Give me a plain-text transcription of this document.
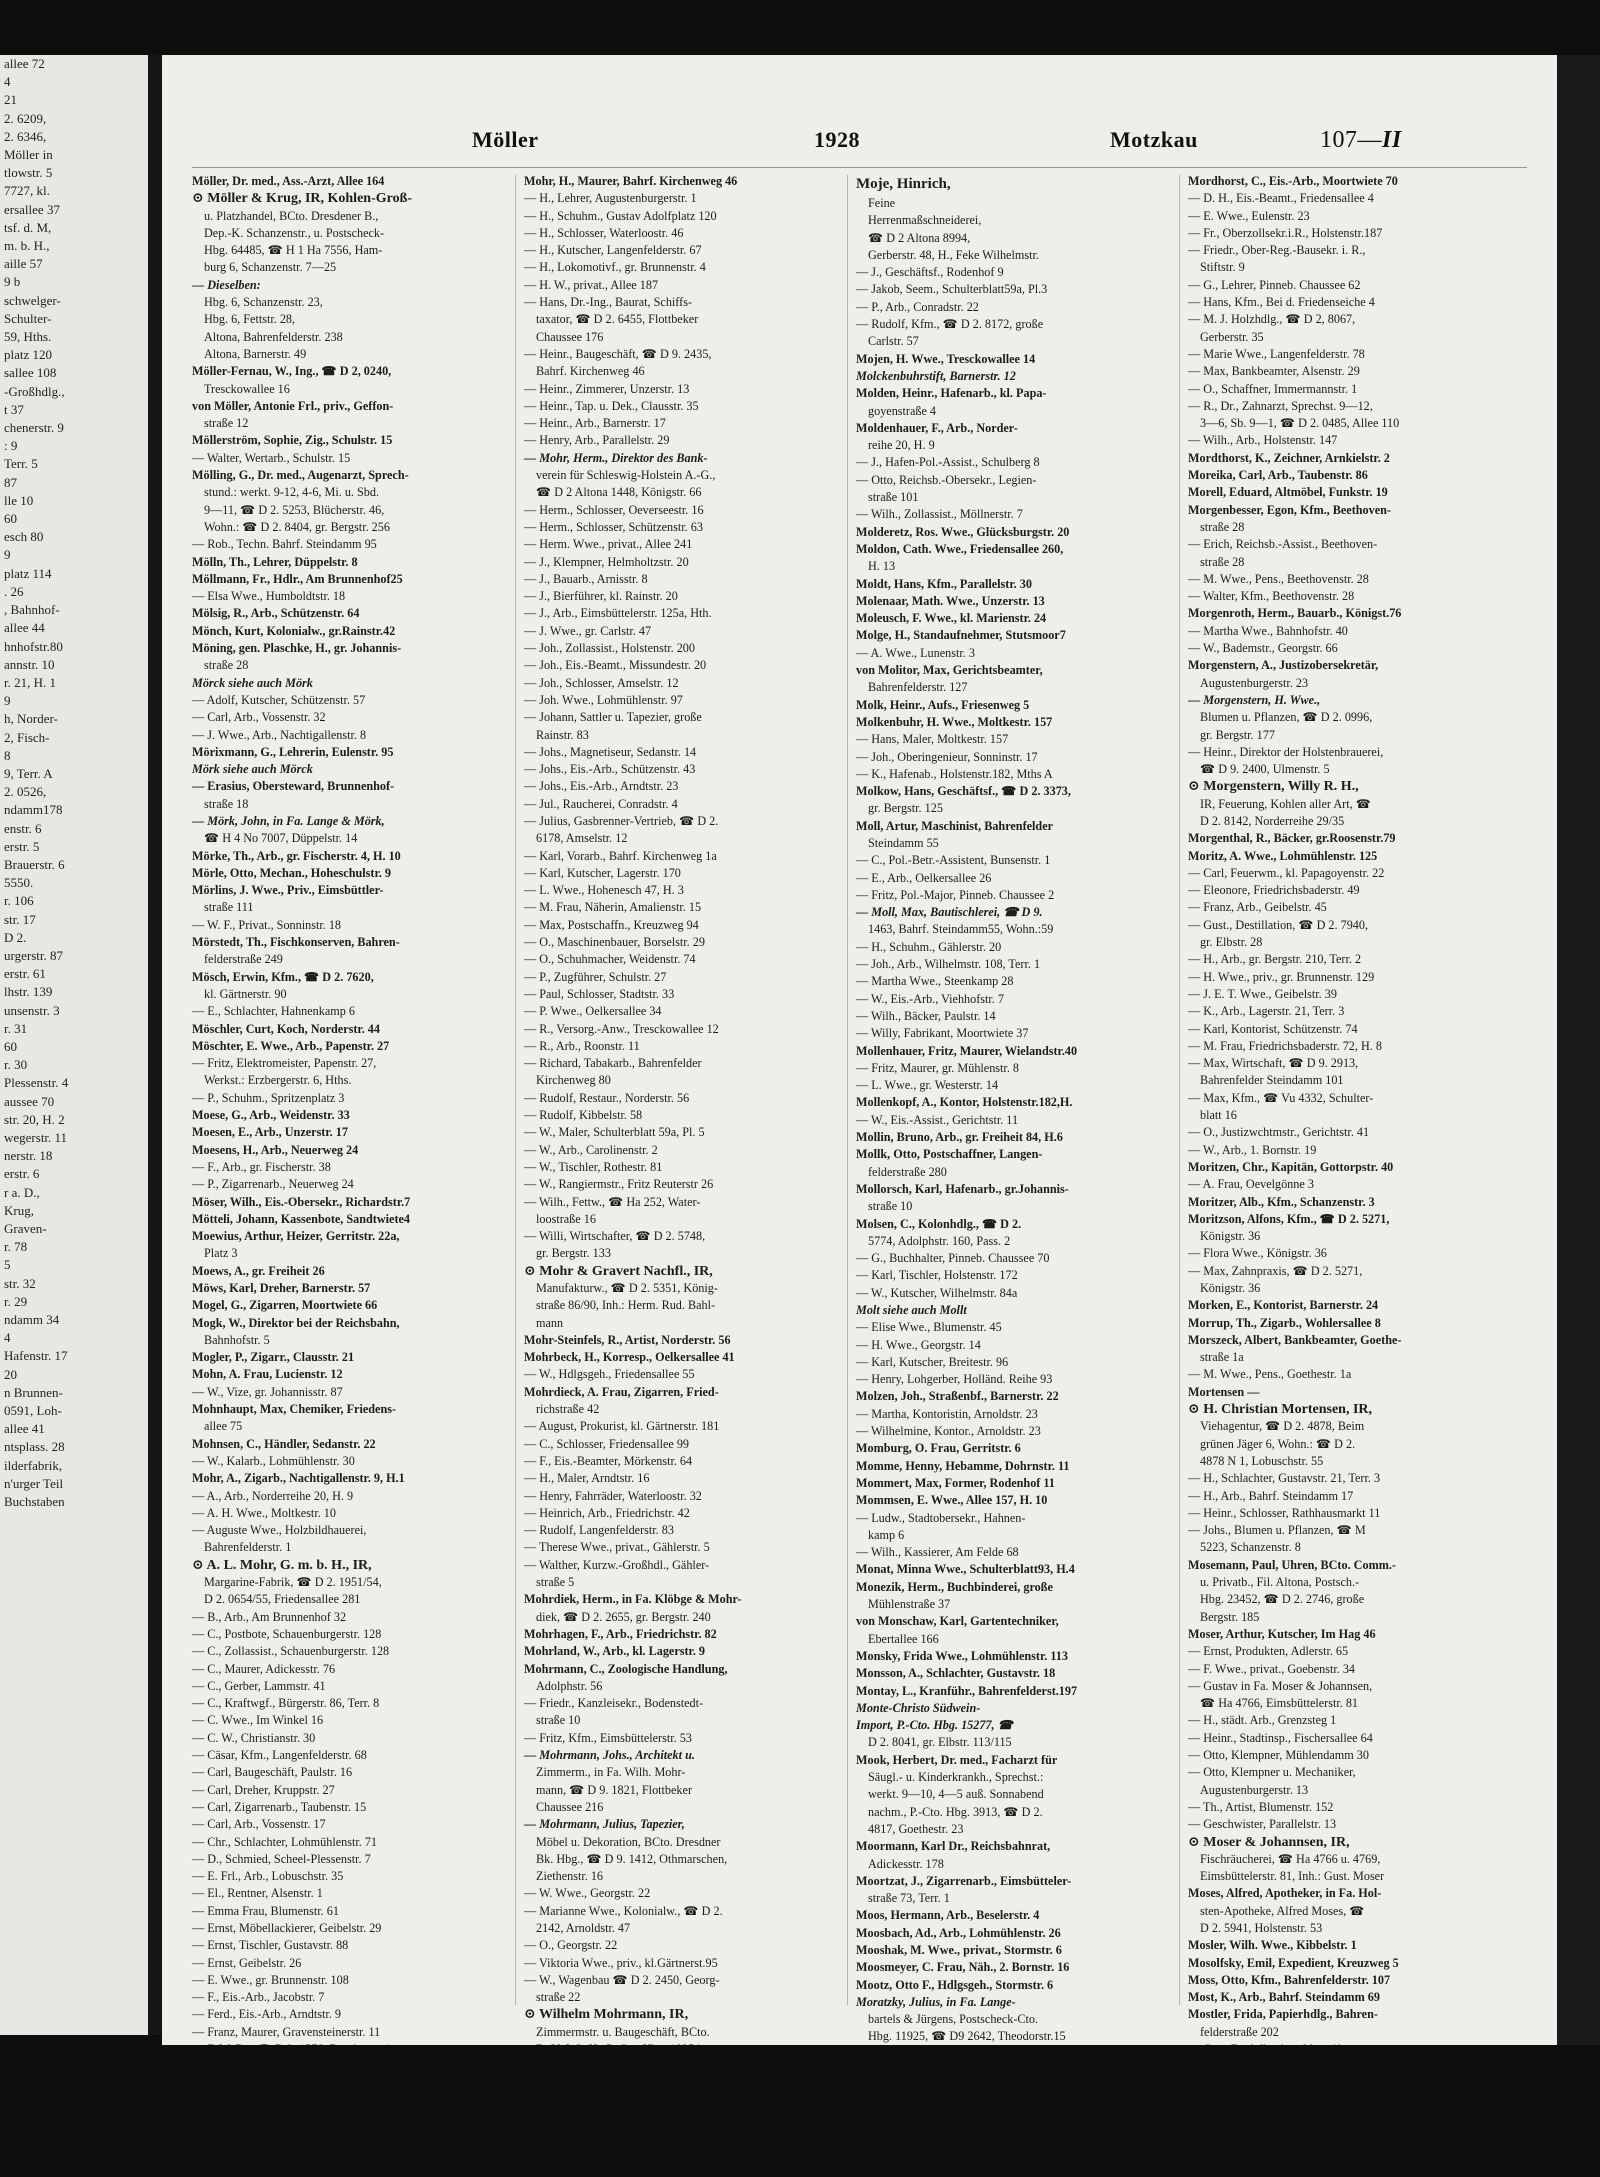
allee 72
4
21
2. 6209,
2. 6346,
Möller in
tlowstr. 5
7727, kl.
ersallee 37
tsf. d. M,
m. b. H.,
aille 57
9 b
schwelger-
Schulter-
59, Hths.
platz 120
sallee 108
-Großhdlg.,
t 37
chenerstr. 9
: 9
Terr. 5
87
lle 10
60
esch 80
9
platz 114
. 26
, Bahnhof-
allee 44
hnhofstr.80
annstr. 10
r. 21, H. 1
9
h, Norder-
2, Fisch-
8
9, Terr. A
2. 0526,
ndamm178
enstr. 6
erstr. 5
Brauerstr. 6
5550.
r. 106
str. 17
D 2.
urgerstr. 87
erstr. 61
lhstr. 139
unsenstr. 3
r. 31
60
r. 30
Plessenstr. 4
aussee 70
str. 20, H. 2
wegerstr. 11
nerstr. 18
erstr. 6
r a. D.,
Krug,
Graven-
r. 78
5
str. 32
r. 29
ndamm 34
4
Hafenstr. 17
20
n Brunnen-
0591, Loh-
allee 41
ntsplass. 28
ilderfabrik,
n'urger Teil
Buchstaben
Möller	1928	Motzkau	107—II
Möller, Dr. med., Ass.-Arzt, Allee 164
⊙ Möller & Krug, IR, Kohlen-Groß-
u. Platzhandel, BCto. Dresdener B.,
Dep.-K. Schanzenstr., u. Postscheck-
Hbg. 64485, ☎ H 1 Ha 7556, Ham-
burg 6, Schanzenstr. 7—25
— Dieselben:
Hbg. 6, Schanzenstr. 23,
Hbg. 6, Fettstr. 28,
Altona, Bahrenfelderstr. 238
Altona, Barnerstr. 49
Möller-Fernau, W., Ing., ☎ D 2, 0240,
Tresckowallee 16
von Möller, Antonie Frl., priv., Geffon-
straße 12
Möllerström, Sophie, Zig., Schulstr. 15
— Walter, Wertarb., Schulstr. 15
Mölling, G., Dr. med., Augenarzt, Sprech-
stund.: werkt. 9-12, 4-6, Mi. u. Sbd.
9—11, ☎ D 2. 5253, Blücherstr. 46,
Wohn.: ☎ D 2. 8404, gr. Bergstr. 256
— Rob., Techn. Bahrf. Steindamm 95
Mölln, Th., Lehrer, Düppelstr. 8
Möllmann, Fr., Hdlr., Am Brunnenhof25
— Elsa Wwe., Humboldtstr. 18
Mölsig, R., Arb., Schützenstr. 64
Mönch, Kurt, Kolonialw., gr.Rainstr.42
Möning, gen. Plaschke, H., gr. Johannis-
straße 28
Mörck siehe auch Mörk
— Adolf, Kutscher, Schützenstr. 57
— Carl, Arb., Vossenstr. 32
— J. Wwe., Arb., Nachtigallenstr. 8
Mörixmann, G., Lehrerin, Eulenstr. 95
Mörk siehe auch Mörck
— Erasius, Obersteward, Brunnenhof-
straße 18
— Mörk, John, in Fa. Lange & Mörk,
☎ H 4 No 7007, Düppelstr. 14
Mörke, Th., Arb., gr. Fischerstr. 4, H. 10
Mörle, Otto, Mechan., Hoheschulstr. 9
Mörlins, J. Wwe., Priv., Eimsbüttler-
straße 111
— W. F., Privat., Sonninstr. 18
Mörstedt, Th., Fischkonserven, Bahren-
felderstraße 249
Mösch, Erwin, Kfm., ☎ D 2. 7620,
kl. Gärtnerstr. 90
— E., Schlachter, Hahnenkamp 6
Möschler, Curt, Koch, Norderstr. 44
Möschter, E. Wwe., Arb., Papenstr. 27
— Fritz, Elektromeister, Papenstr. 27,
Werkst.: Erzbergerstr. 6, Hths.
— P., Schuhm., Spritzenplatz 3
Moese, G., Arb., Weidenstr. 33
Moesen, E., Arb., Unzerstr. 17
Moesens, H., Arb., Neuerweg 24
— F., Arb., gr. Fischerstr. 38
— P., Zigarrenarb., Neuerweg 24
Möser, Wilh., Eis.-Obersekr., Richardstr.7
Mötteli, Johann, Kassenbote, Sandtwiete4
Moewius, Arthur, Heizer, Gerritstr. 22a,
Platz 3
Moews, A., gr. Freiheit 26
Möws, Karl, Dreher, Barnerstr. 57
Mogel, G., Zigarren, Moortwiete 66
Mogk, W., Direktor bei der Reichsbahn,
Bahnhofstr. 5
Mogler, P., Zigarr., Clausstr. 21
Mohn, A. Frau, Lucienstr. 12
— W., Vize, gr. Johannisstr. 87
Mohnhaupt, Max, Chemiker, Friedens-
allee 75
Mohnsen, C., Händler, Sedanstr. 22
— W., Kalarb., Lohmühlenstr. 30
Mohr, A., Zigarb., Nachtigallenstr. 9, H.1
— A., Arb., Norderreihe 20, H. 9
— A. H. Wwe., Moltkestr. 10
— Auguste Wwe., Holzbildhauerei,
Bahrenfelderstr. 1
⊙ A. L. Mohr, G. m. b. H., IR,
Margarine-Fabrik, ☎ D 2. 1951/54,
D 2. 0654/55, Friedensallee 281
— B., Arb., Am Brunnenhof 32
— C., Postbote, Schauenburgerstr. 128
— C., Zollassist., Schauenburgerstr. 128
— C., Maurer, Adickesstr. 76
— C., Gerber, Lammstr. 41
— C., Kraftwgf., Bürgerstr. 86, Terr. 8
— C. Wwe., Im Winkel 16
— C. W., Christianstr. 30
— Cäsar, Kfm., Langenfelderstr. 68
— Carl, Baugeschäft, Paulstr. 16
— Carl, Dreher, Kruppstr. 27
— Carl, Zigarrenarb., Taubenstr. 15
— Carl, Arb., Vossenstr. 17
— Chr., Schlachter, Lohmühlenstr. 71
— D., Schmied, Scheel-Plessenstr. 7
— E. Frl., Arb., Lobuschstr. 35
— El., Rentner, Alsenstr. 1
— Emma Frau, Blumenstr. 61
— Ernst, Möbellackierer, Geibelstr. 29
— Ernst, Tischler, Gustavstr. 88
— Ernst, Geibelstr. 26
— E. Wwe., gr. Brunnenstr. 108
— F., Eis.-Arb., Jacobstr. 7
— Ferd., Eis.-Arb., Arndtstr. 9
— Franz, Maurer, Gravensteinerstr. 11
Mohr, H., Maurer, Bahrf. Kirchenweg 46
— H., Lehrer, Augustenburgerstr. 1
— H., Schuhm., Gustav Adolfplatz 120
— H., Schlosser, Waterloostr. 46
— H., Kutscher, Langenfelderstr. 67
— H., Lokomotivf., gr. Brunnenstr. 4
— H. W., privat., Allee 187
— Hans, Dr.-Ing., Baurat, Schiffs-
taxator, ☎ D 2. 6455, Flottbeker
Chaussee 176
— Heinr., Baugeschäft, ☎ D 9. 2435,
Bahrf. Kirchenweg 46
— Heinr., Zimmerer, Unzerstr. 13
— Heinr., Tap. u. Dek., Clausstr. 35
— Heinr., Arb., Barnerstr. 17
— Henry, Arb., Parallelstr. 29
— Mohr, Herm., Direktor des Bank-
verein für Schleswig-Holstein A.-G.,
☎ D 2 Altona 1448, Königstr. 66
— Herm., Schlosser, Oeverseestr. 16
— Herm., Schlosser, Schützenstr. 63
— Herm. Wwe., privat., Allee 241
— J., Klempner, Helmholtzstr. 20
— J., Bauarb., Arnisstr. 8
— J., Bierführer, kl. Rainstr. 20
— J., Arb., Eimsbüttelerstr. 125a, Hth.
— J. Wwe., gr. Carlstr. 47
— Joh., Zollassist., Holstenstr. 200
— Joh., Eis.-Beamt., Missundestr. 20
— Joh., Schlosser, Amselstr. 12
— Joh. Wwe., Lohmühlenstr. 97
— Johann, Sattler u. Tapezier, große
Rainstr. 83
— Johs., Magnetiseur, Sedanstr. 14
— Johs., Eis.-Arb., Schützenstr. 43
— Johs., Eis.-Arb., Arndtstr. 23
— Jul., Raucherei, Conradstr. 4
— Julius, Gasbrenner-Vertrieb, ☎ D 2.
6178, Amselstr. 12
— Karl, Vorarb., Bahrf. Kirchenweg 1a
— Karl, Kutscher, Lagerstr. 170
— L. Wwe., Hohenesch 47, H. 3
— M. Frau, Näherin, Amalienstr. 15
— Max, Postschaffn., Kreuzweg 94
— O., Maschinenbauer, Borselstr. 29
— O., Schuhmacher, Weidenstr. 74
— P., Zugführer, Schulstr. 27
— Paul, Schlosser, Stadtstr. 33
— P. Wwe., Oelkersallee 34
— R., Versorg.-Anw., Tresckowallee 12
— R., Arb., Roonstr. 11
— Richard, Tabakarb., Bahrenfelder
Kirchenweg 80
— Rudolf, Restaur., Norderstr. 56
— Rudolf, Kibbelstr. 58
— W., Maler, Schulterblatt 59a, Pl. 5
— W., Arb., Carolinenstr. 2
— W., Tischler, Rothestr. 81
— W., Rangiermstr., Fritz Reuterstr 26
— Wilh., Fettw., ☎ Ha 252, Water-
loostraße 16
— Willi, Wirtschafter, ☎ D 2. 5748,
gr. Bergstr. 133
⊙ Mohr & Gravert Nachfl., IR,
Manufakturw., ☎ D 2. 5351, König-
straße 86/90, Inh.: Herm. Rud. Bahl-
mann
Mohr-Steinfels, R., Artist, Norderstr. 56
Mohrbeck, H., Korresp., Oelkersallee 41
— W., Hdlgsgeh., Friedensallee 55
Mohrdieck, A. Frau, Zigarren, Fried-
richstraße 42
— August, Prokurist, kl. Gärtnerstr. 181
— C., Schlosser, Friedensallee 99
— F., Eis.-Beamter, Mörkenstr. 64
— H., Maler, Arndtstr. 16
— Henry, Fahrräder, Waterloostr. 32
— Heinrich, Arb., Friedrichstr. 42
— Rudolf, Langenfelderstr. 83
— Therese Wwe., privat., Gählerstr. 5
— Walther, Kurzw.-Großhdl., Gähler-
straße 5
Mohrdiek, Herm., in Fa. Klöbge & Mohr-
diek, ☎ D 2. 2655, gr. Bergstr. 240
Mohrhagen, F., Arb., Friedrichstr. 82
Mohrland, W., Arb., kl. Lagerstr. 9
Mohrmann, C., Zoologische Handlung,
Adolphstr. 56
— Friedr., Kanzleisekr., Bodenstedt-
straße 10
— Fritz, Kfm., Eimsbüttelerstr. 53
— Mohrmann, Johs., Architekt u.
Zimmerm., in Fa. Wilh. Mohr-
mann, ☎ D 9. 1821, Flottbeker
Chaussee 216
— Mohrmann, Julius, Tapezier,
Möbel u. Dekoration, BCto. Dresdner
Bk. Hbg., ☎ D 9. 1412, Othmarschen,
Ziethenstr. 16
— W. Wwe., Georgstr. 22
— Marianne Wwe., Kolonialw., ☎ D 2.
2142, Arnoldstr. 47
— O., Georgstr. 22
— Viktoria Wwe., priv., kl.Gärtnerst.95
— W., Wagenbau ☎ D 2. 2450, Georg-
straße 22
⊙ Wilhelm Mohrmann, IR,
Zimmermstr. u. Baugeschäft, BCto.
Moje, Hinrich,
Feine
Herrenmaßschneiderei,
☎ D 2 Altona 8994,
Gerberstr. 48, H., Feke Wilhelmstr.
— J., Geschäftsf., Rodenhof 9
— Jakob, Seem., Schulterblatt59a, Pl.3
— P., Arb., Conradstr. 22
— Rudolf, Kfm., ☎ D 2. 8172, große
Carlstr. 57
Mojen, H. Wwe., Tresckowallee 14
Molckenbuhrstift, Barnerstr. 12
Molden, Heinr., Hafenarb., kl. Papa-
goyenstraße 4
Moldenhauer, F., Arb., Norder-
reihe 20, H. 9
— J., Hafen-Pol.-Assist., Schulberg 8
— Otto, Reichsb.-Obersekr., Legien-
straße 101
— Wilh., Zollassist., Möllnerstr. 7
Molderetz, Ros. Wwe., Glücksburgstr. 20
Moldon, Cath. Wwe., Friedensallee 260,
H. 13
Moldt, Hans, Kfm., Parallelstr. 30
Molenaar, Math. Wwe., Unzerstr. 13
Moleusch, F. Wwe., kl. Marienstr. 24
Molge, H., Standaufnehmer, Stutsmoor7
— A. Wwe., Lunenstr. 3
von Molitor, Max, Gerichtsbeamter,
Bahrenfelderstr. 127
Molk, Heinr., Aufs., Friesenweg 5
Molkenbuhr, H. Wwe., Moltkestr. 157
— Hans, Maler, Moltkestr. 157
— Joh., Oberingenieur, Sonninstr. 17
— K., Hafenab., Holstenstr.182, Mths A
Molkow, Hans, Geschäftsf., ☎ D 2. 3373,
gr. Bergstr. 125
Moll, Artur, Maschinist, Bahrenfelder
Steindamm 55
— C., Pol.-Betr.-Assistent, Bunsenstr. 1
— E., Arb., Oelkersallee 26
— Fritz, Pol.-Major, Pinneb. Chaussee 2
— Moll, Max, Bautischlerei, ☎ D 9.
1463, Bahrf. Steindamm55, Wohn.:59
— H., Schuhm., Gählerstr. 20
— Joh., Arb., Wilhelmstr. 108, Terr. 1
— Martha Wwe., Steenkamp 28
— W., Eis.-Arb., Viehhofstr. 7
— Wilh., Bäcker, Paulstr. 14
— Willy, Fabrikant, Moortwiete 37
Mollenhauer, Fritz, Maurer, Wielandstr.40
— Fritz, Maurer, gr. Mühlenstr. 8
— L. Wwe., gr. Westerstr. 14
Mollenkopf, A., Kontor, Holstenstr.182,H.
— W., Eis.-Assist., Gerichtstr. 11
Mollin, Bruno, Arb., gr. Freiheit 84, H.6
Mollk, Otto, Postschaffner, Langen-
felderstraße 280
Mollorsch, Karl, Hafenarb., gr.Johannis-
straße 10
Molsen, C., Kolonhdlg., ☎ D 2.
5774, Adolphstr. 160, Pass. 2
— G., Buchhalter, Pinneb. Chaussee 70
— Karl, Tischler, Holstenstr. 172
— W., Kutscher, Wilhelmstr. 84a
Molt siehe auch Mollt
— Elise Wwe., Blumenstr. 45
— H. Wwe., Georgstr. 14
— Karl, Kutscher, Breitestr. 96
— Henry, Lohgerber, Holländ. Reihe 93
Molzen, Joh., Straßenbf., Barnerstr. 22
— Martha, Kontoristin, Arnoldstr. 23
— Wilhelmine, Kontor., Arnoldstr. 23
Momburg, O. Frau, Gerritstr. 6
Momme, Henny, Hebamme, Dohrnstr. 11
Mommert, Max, Former, Rodenhof 11
Mommsen, E. Wwe., Allee 157, H. 10
— Ludw., Stadtobersekr., Hahnen-
kamp 6
— Wilh., Kassierer, Am Felde 68
Monat, Minna Wwe., Schulterblatt93, H.4
Monezik, Herm., Buchbinderei, große
Mühlenstraße 37
von Monschaw, Karl, Gartentechniker,
Ebertallee 166
Monsky, Frida Wwe., Lohmühlenstr. 113
Monsson, A., Schlachter, Gustavstr. 18
Montay, L., Kranführ., Bahrenfelderst.197
Monte-Christo Südwein-
Import, P.-Cto. Hbg. 15277, ☎
D 2. 8041, gr. Elbstr. 113/115
Mook, Herbert, Dr. med., Facharzt für
Säugl.- u. Kinderkrankh., Sprechst.:
werkt. 9—10, 4—5 auß. Sonnabend
nachm., P.-Cto. Hbg. 3913, ☎ D 2.
4817, Goethestr. 23
Moormann, Karl Dr., Reichsbahnrat,
Adickesstr. 178
Moortzat, J., Zigarrenarb., Eimsbütteler-
straße 73, Terr. 1
Moos, Hermann, Arb., Beselerstr. 4
Moosbach, Ad., Arb., Lohmühlenstr. 26
Mooshak, M. Wwe., privat., Stormstr. 6
Moosmeyer, C. Frau, Näh., 2. Bornstr. 16
Mootz, Otto F., Hdlgsgeh., Stormstr. 6
Moratzky, Julius, in Fa. Lange-
bartels & Jürgens, Postscheck-Cto.
Hbg. 11925, ☎ D9 2642, Theodorstr.15
Mordhorst, C., Eis.-Arb., Moortwiete 70
— D. H., Eis.-Beamt., Friedensallee 4
— E. Wwe., Eulenstr. 23
— Fr., Oberzollsekr.i.R., Holstenstr.187
— Friedr., Ober-Reg.-Bausekr. i. R.,
Stiftstr. 9
— G., Lehrer, Pinneb. Chaussee 62
— Hans, Kfm., Bei d. Friedenseiche 4
— M. J. Holzhdlg., ☎ D 2, 8067,
Gerberstr. 35
— Marie Wwe., Langenfelderstr. 78
— Max, Bankbeamter, Alsenstr. 29
— O., Schaffner, Immermannstr. 1
— R., Dr., Zahnarzt, Sprechst. 9—12,
3—6, Sb. 9—1, ☎ D 2. 0485, Allee 110
— Wilh., Arb., Holstenstr. 147
Mordthorst, K., Zeichner, Arnkielstr. 2
Moreika, Carl, Arb., Taubenstr. 86
Morell, Eduard, Altmöbel, Funkstr. 19
Morgenbesser, Egon, Kfm., Beethoven-
straße 28
— Erich, Reichsb.-Assist., Beethoven-
straße 28
— M. Wwe., Pens., Beethovenstr. 28
— Walter, Kfm., Beethovenstr. 28
Morgenroth, Herm., Bauarb., Königst.76
— Martha Wwe., Bahnhofstr. 40
— W., Bademstr., Georgstr. 66
Morgenstern, A., Justizobersekretär,
Augustenburgerstr. 23
— Morgenstern, H. Wwe.,
Blumen u. Pflanzen, ☎ D 2. 0996,
gr. Bergstr. 177
— Heinr., Direktor der Holstenbrauerei,
☎ D 9. 2400, Ulmenstr. 5
⊙ Morgenstern, Willy R. H.,
IR, Feuerung, Kohlen aller Art, ☎
D 2. 8142, Norderreihe 29/35
Morgenthal, R., Bäcker, gr.Roosenstr.79
Moritz, A. Wwe., Lohmühlenstr. 125
— Carl, Feuerwm., kl. Papagoyenstr. 22
— Eleonore, Friedrichsbaderstr. 49
— Franz, Arb., Geibelstr. 45
— Gust., Destillation, ☎ D 2. 7940,
gr. Elbstr. 28
— H., Arb., gr. Bergstr. 210, Terr. 2
— H. Wwe., priv., gr. Brunnenstr. 129
— J. E. T. Wwe., Geibelstr. 39
— K., Arb., Lagerstr. 21, Terr. 3
— Karl, Kontorist, Schützenstr. 74
— M. Frau, Friedrichsbaderstr. 72, H. 8
— Max, Wirtschaft, ☎ D 9. 2913,
Bahrenfelder Steindamm 101
— Max, Kfm., ☎ Vu 4332, Schulter-
blatt 16
— O., Justizwchtmstr., Gerichtstr. 41
— W., Arb., 1. Bornstr. 19
Moritzen, Chr., Kapitän, Gottorpstr. 40
— A. Frau, Oevelgönne 3
Moritzer, Alb., Kfm., Schanzenstr. 3
Moritzson, Alfons, Kfm., ☎ D 2. 5271,
Königstr. 36
— Flora Wwe., Königstr. 36
— Max, Zahnpraxis, ☎ D 2. 5271,
Königstr. 36
Morken, E., Kontorist, Barnerstr. 24
Morrup, Th., Zigarb., Wohlersallee 8
Morszeck, Albert, Bankbeamter, Goethe-
straße 1a
— M. Wwe., Pens., Goethestr. 1a
Mortensen —
⊙ H. Christian Mortensen, IR,
Viehagentur, ☎ D 2. 4878, Beim
grünen Jäger 6, Wohn.: ☎ D 2.
4878 N 1, Lobuschstr. 55
— H., Schlachter, Gustavstr. 21, Terr. 3
— H., Arb., Bahrf. Steindamm 17
— Heinr., Schlosser, Rathhausmarkt 11
— Johs., Blumen u. Pflanzen, ☎ M
5223, Schanzenstr. 8
Mosemann, Paul, Uhren, BCto. Comm.-
u. Privatb., Fil. Altona, Postsch.-
Hbg. 23452, ☎ D 2. 2746, große
Bergstr. 185
Moser, Arthur, Kutscher, Im Hag 46
— Ernst, Produkten, Adlerstr. 65
— F. Wwe., privat., Goebenstr. 34
— Gustav in Fa. Moser & Johannsen,
☎ Ha 4766, Eimsbüttelerstr. 81
— H., städt. Arb., Grenzsteg 1
— Heinr., Stadtinsp., Fischersallee 64
— Otto, Klempner, Mühlendamm 30
— Otto, Klempner u. Mechaniker,
Augustenburgerstr. 13
— Th., Artist, Blumenstr. 152
— Geschwister, Parallelstr. 13
⊙ Moser & Johannsen, IR,
Fischräucherei, ☎ Ha 4766 u. 4769,
Eimsbüttelerstr. 81, Inh.: Gust. Moser
Moses, Alfred, Apotheker, in Fa. Hol-
sten-Apotheke, Alfred Moses, ☎
D 2. 5941, Holstenstr. 53
Mosler, Wilh. Wwe., Kibbelstr. 1
Mosolfsky, Emil, Expedient, Kreuzweg 5
Moss, Otto, Kfm., Bahrenfelderstr. 107
Most, K., Arb., Bahrf. Steindamm 69
Mostler, Frida, Papierhdlg., Bahren-
felderstraße 202
